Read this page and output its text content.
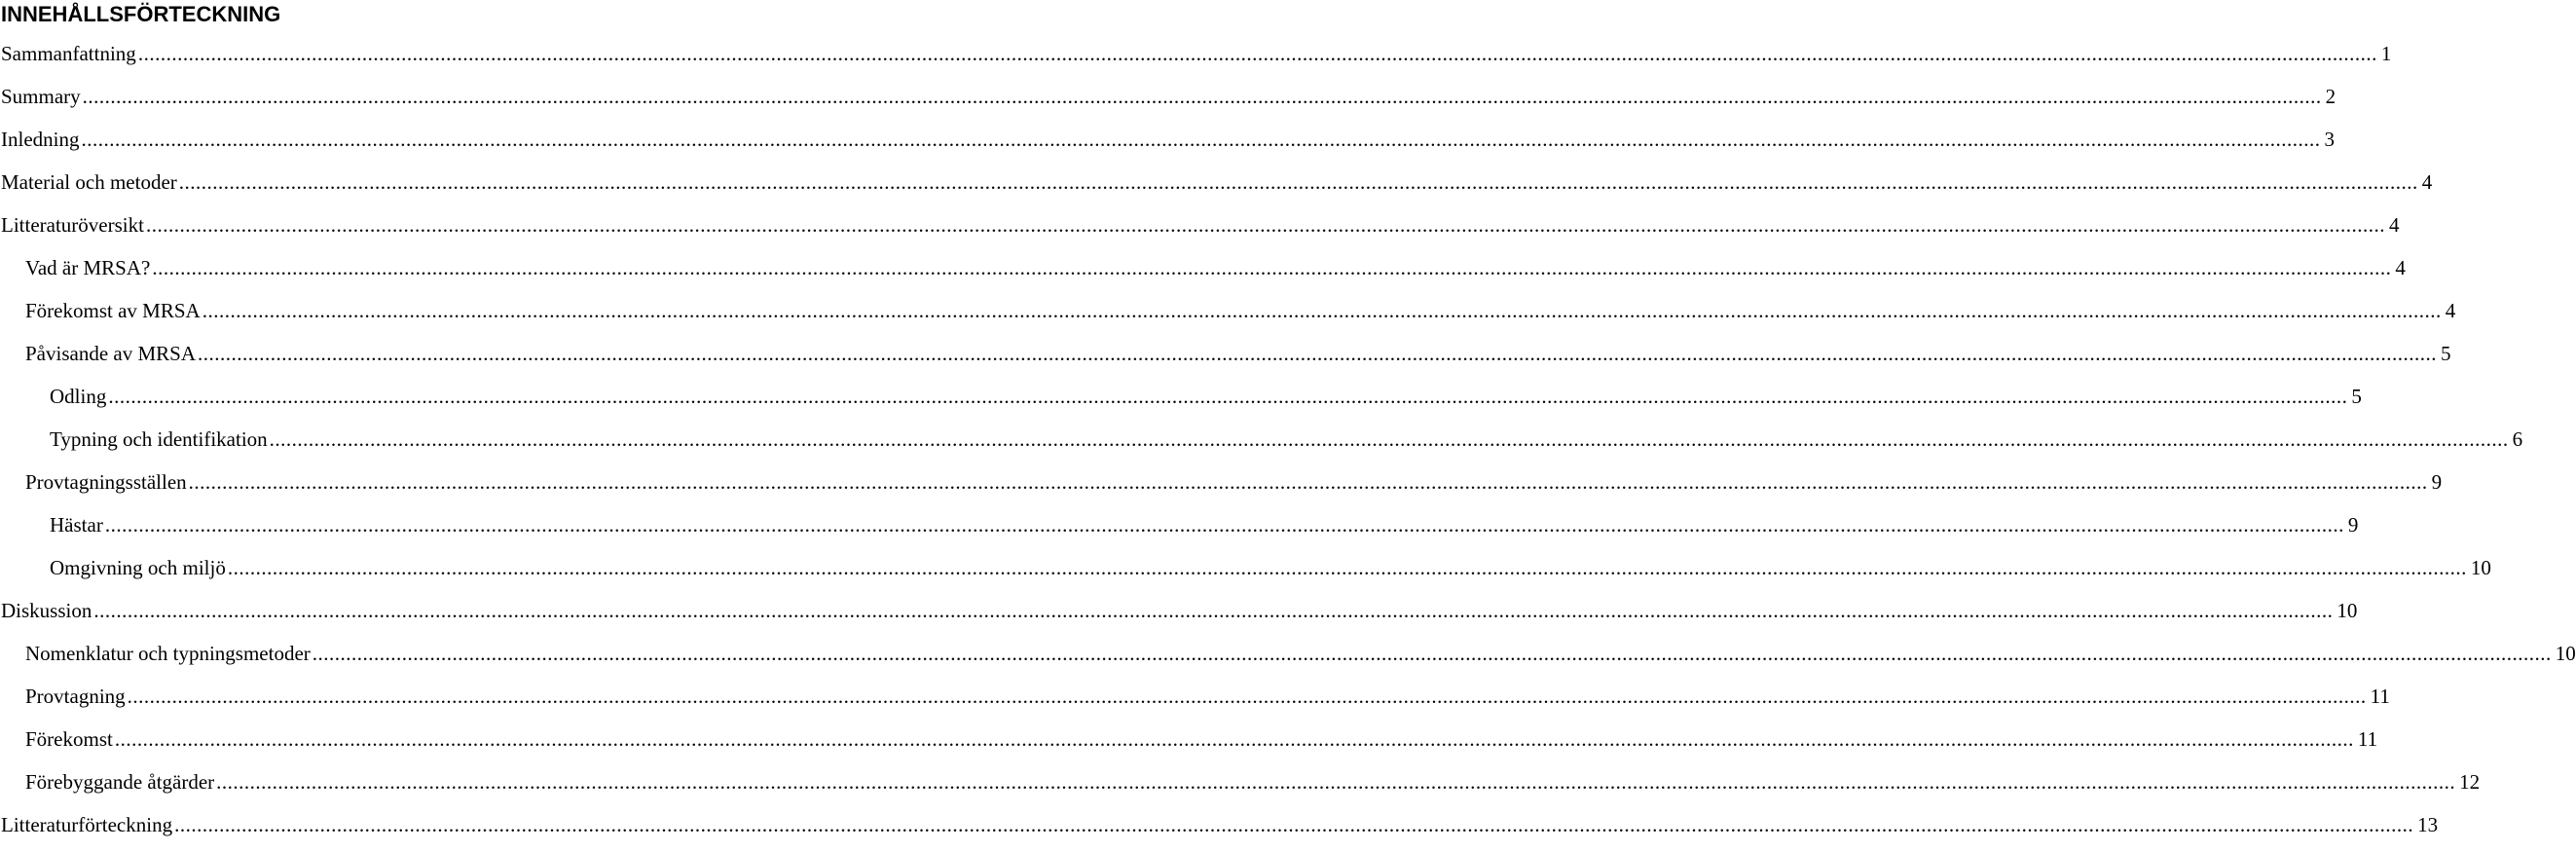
INNEHÅLLSFÖRTECKNING
Sammanfattning ................................................................................................................................................................................................................................................................................................................................................................................................................ 1
Summary ................................................................................................................................................................................................................................................................................................................................................................................................................ 2
Inledning ................................................................................................................................................................................................................................................................................................................................................................................................................ 3
Material och metoder ................................................................................................................................................................................................................................................................................................................................................................................................................ 4
Litteraturöversikt ................................................................................................................................................................................................................................................................................................................................................................................................................ 4
Vad är MRSA? ................................................................................................................................................................................................................................................................................................................................................................................................................ 4
Förekomst av MRSA ................................................................................................................................................................................................................................................................................................................................................................................................................ 4
Påvisande av MRSA ................................................................................................................................................................................................................................................................................................................................................................................................................ 5
Odling ................................................................................................................................................................................................................................................................................................................................................................................................................ 5
Typning och identifikation ................................................................................................................................................................................................................................................................................................................................................................................................................ 6
Provtagningsställen ................................................................................................................................................................................................................................................................................................................................................................................................................ 9
Hästar ................................................................................................................................................................................................................................................................................................................................................................................................................ 9
Omgivning och miljö ................................................................................................................................................................................................................................................................................................................................................................................................................ 10
Diskussion ................................................................................................................................................................................................................................................................................................................................................................................................................ 10
Nomenklatur och typningsmetoder ................................................................................................................................................................................................................................................................................................................................................................................................................ 10
Provtagning ................................................................................................................................................................................................................................................................................................................................................................................................................ 11
Förekomst ................................................................................................................................................................................................................................................................................................................................................................................................................ 11
Förebyggande åtgärder ................................................................................................................................................................................................................................................................................................................................................................................................................ 12
Litteraturförteckning ................................................................................................................................................................................................................................................................................................................................................................................................................ 13
